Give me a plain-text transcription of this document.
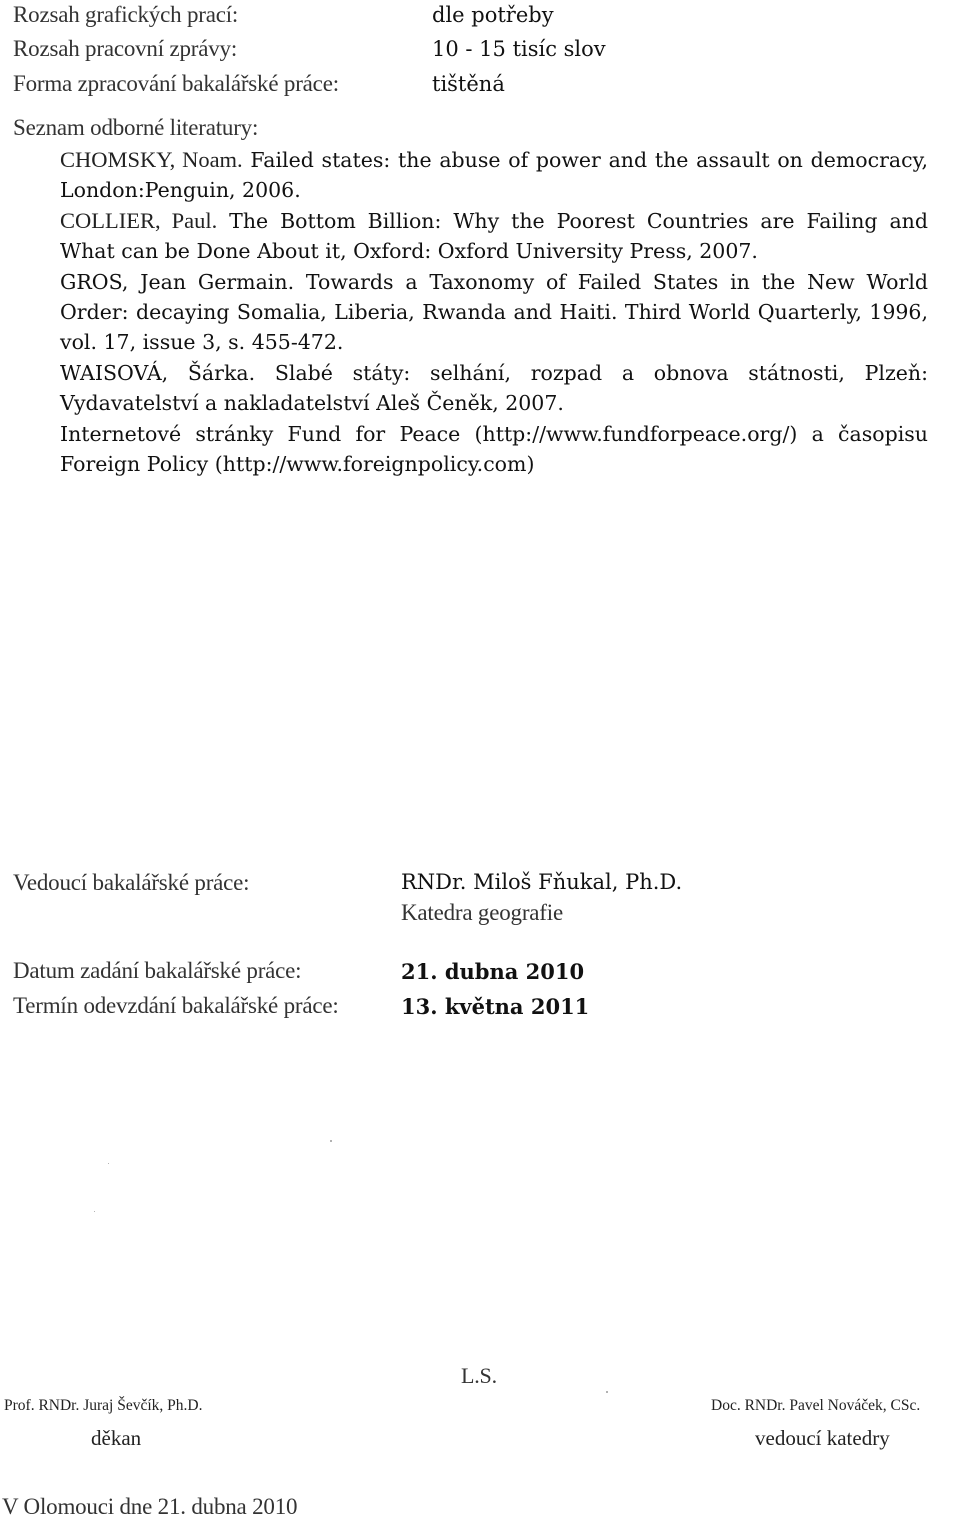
Rozsah grafických prací:	dle potřeby
Rozsah pracovní zprávy:	10 - 15 tisíc slov
Forma zpracování bakalářské práce:	tištěná
Seznam odborné literatury:

CHOMSKY, Noam. Failed states: the abuse of power and the assault on democracy, London:Penguin, 2006.

COLLIER, Paul. The Bottom Billion: Why the Poorest Countries are Failing and What can be Done About it, Oxford: Oxford University Press, 2007.

GROS, Jean Germain. Towards a Taxonomy of Failed States in the New World Order: decaying Somalia, Liberia, Rwanda and Haiti. Third World Quarterly, 1996, vol. 17, issue 3, s. 455-472.

WAISOVÁ, Šárka. Slabé státy: selhání, rozpad a obnova státnosti, Plzeň: Vydavatelství a nakladatelství Aleš Čeněk, 2007.

Internetové stránky Fund for Peace (http://www.fundforpeace.org/) a časopisu Foreign Policy (http://www.foreignpolicy.com)

Vedoucí bakalářské práce:	RNDr. Miloš Fňukal, Ph.D.
Katedra geografie
Datum zadání bakalářské práce:	21. dubna 2010
Termín odevzdání bakalářské práce:	13. května 2011
L.S.
Prof. RNDr. Juraj Ševčík, Ph.D.
děkan
Doc. RNDr. Pavel Nováček, CSc.
vedoucí katedry
V Olomouci dne 21. dubna 2010
